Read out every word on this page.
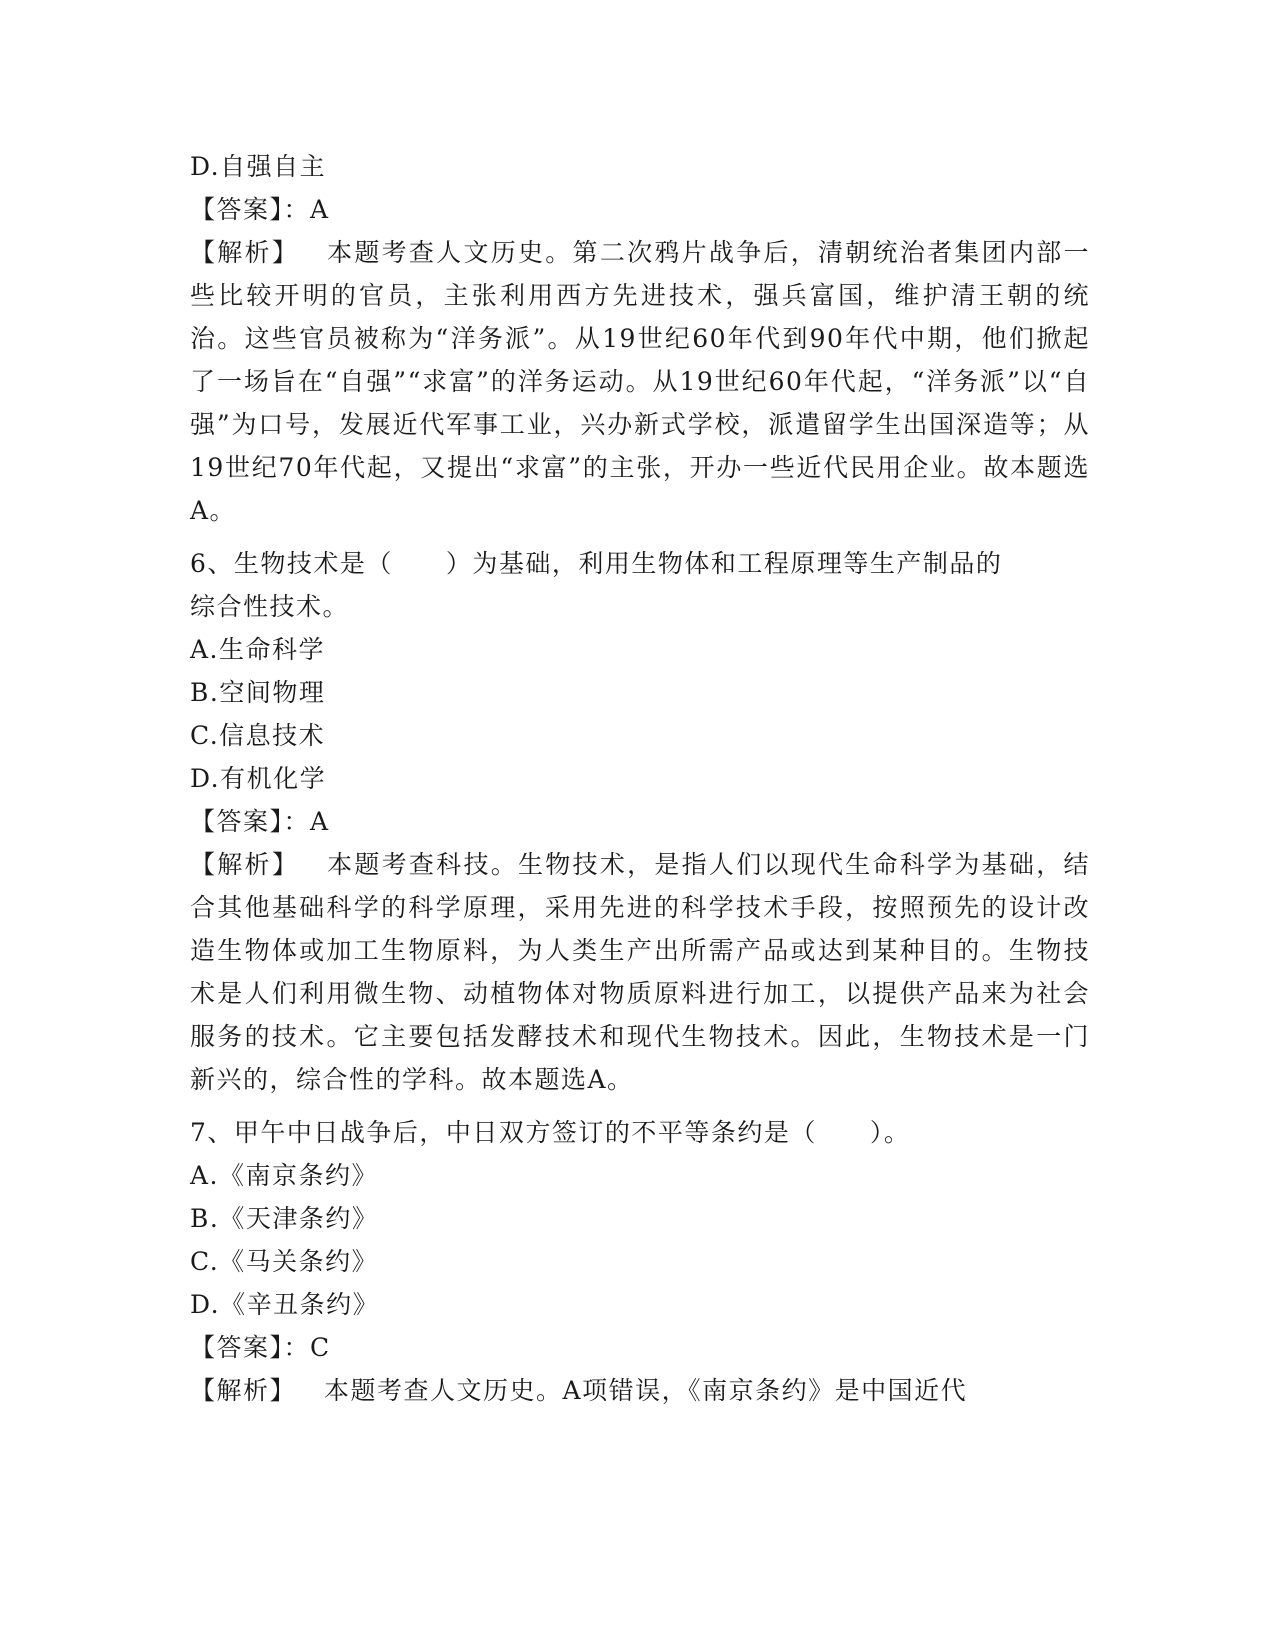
D.自强自主
【答案】：A
【解析】 本题考查人文历史。第二次鸦片战争后，清朝统治者集团内部一些比较开明的官员，主张利用西方先进技术，强兵富国，维护清王朝的统治。这些官员被称为“洋务派”。从19世纪60年代到90年代中期，他们掀起了一场旨在“自强”“求富”的洋务运动。从19世纪60年代起，“洋务派”以“自强”为口号，发展近代军事工业，兴办新式学校，派遣留学生出国深造等；从19世纪70年代起，又提出“求富”的主张，开办一些近代民用企业。故本题选A。
6、生物技术是（　　）为基础，利用生物体和工程原理等生产制品的
综合性技术。
A.生命科学
B.空间物理
C.信息技术
D.有机化学
【答案】：A
【解析】 本题考查科技。生物技术，是指人们以现代生命科学为基础，结合其他基础科学的科学原理，采用先进的科学技术手段，按照预先的设计改造生物体或加工生物原料，为人类生产出所需产品或达到某种目的。生物技术是人们利用微生物、动植物体对物质原料进行加工，以提供产品来为社会服务的技术。它主要包括发酵技术和现代生物技术。因此，生物技术是一门新兴的，综合性的学科。故本题选A。
7、甲午中日战争后，中日双方签订的不平等条约是（　　）。
A.《南京条约》
B.《天津条约》
C.《马关条约》
D.《辛丑条约》
【答案】：C
【解析】 本题考查人文历史。A项错误，《南京条约》是中国近代
